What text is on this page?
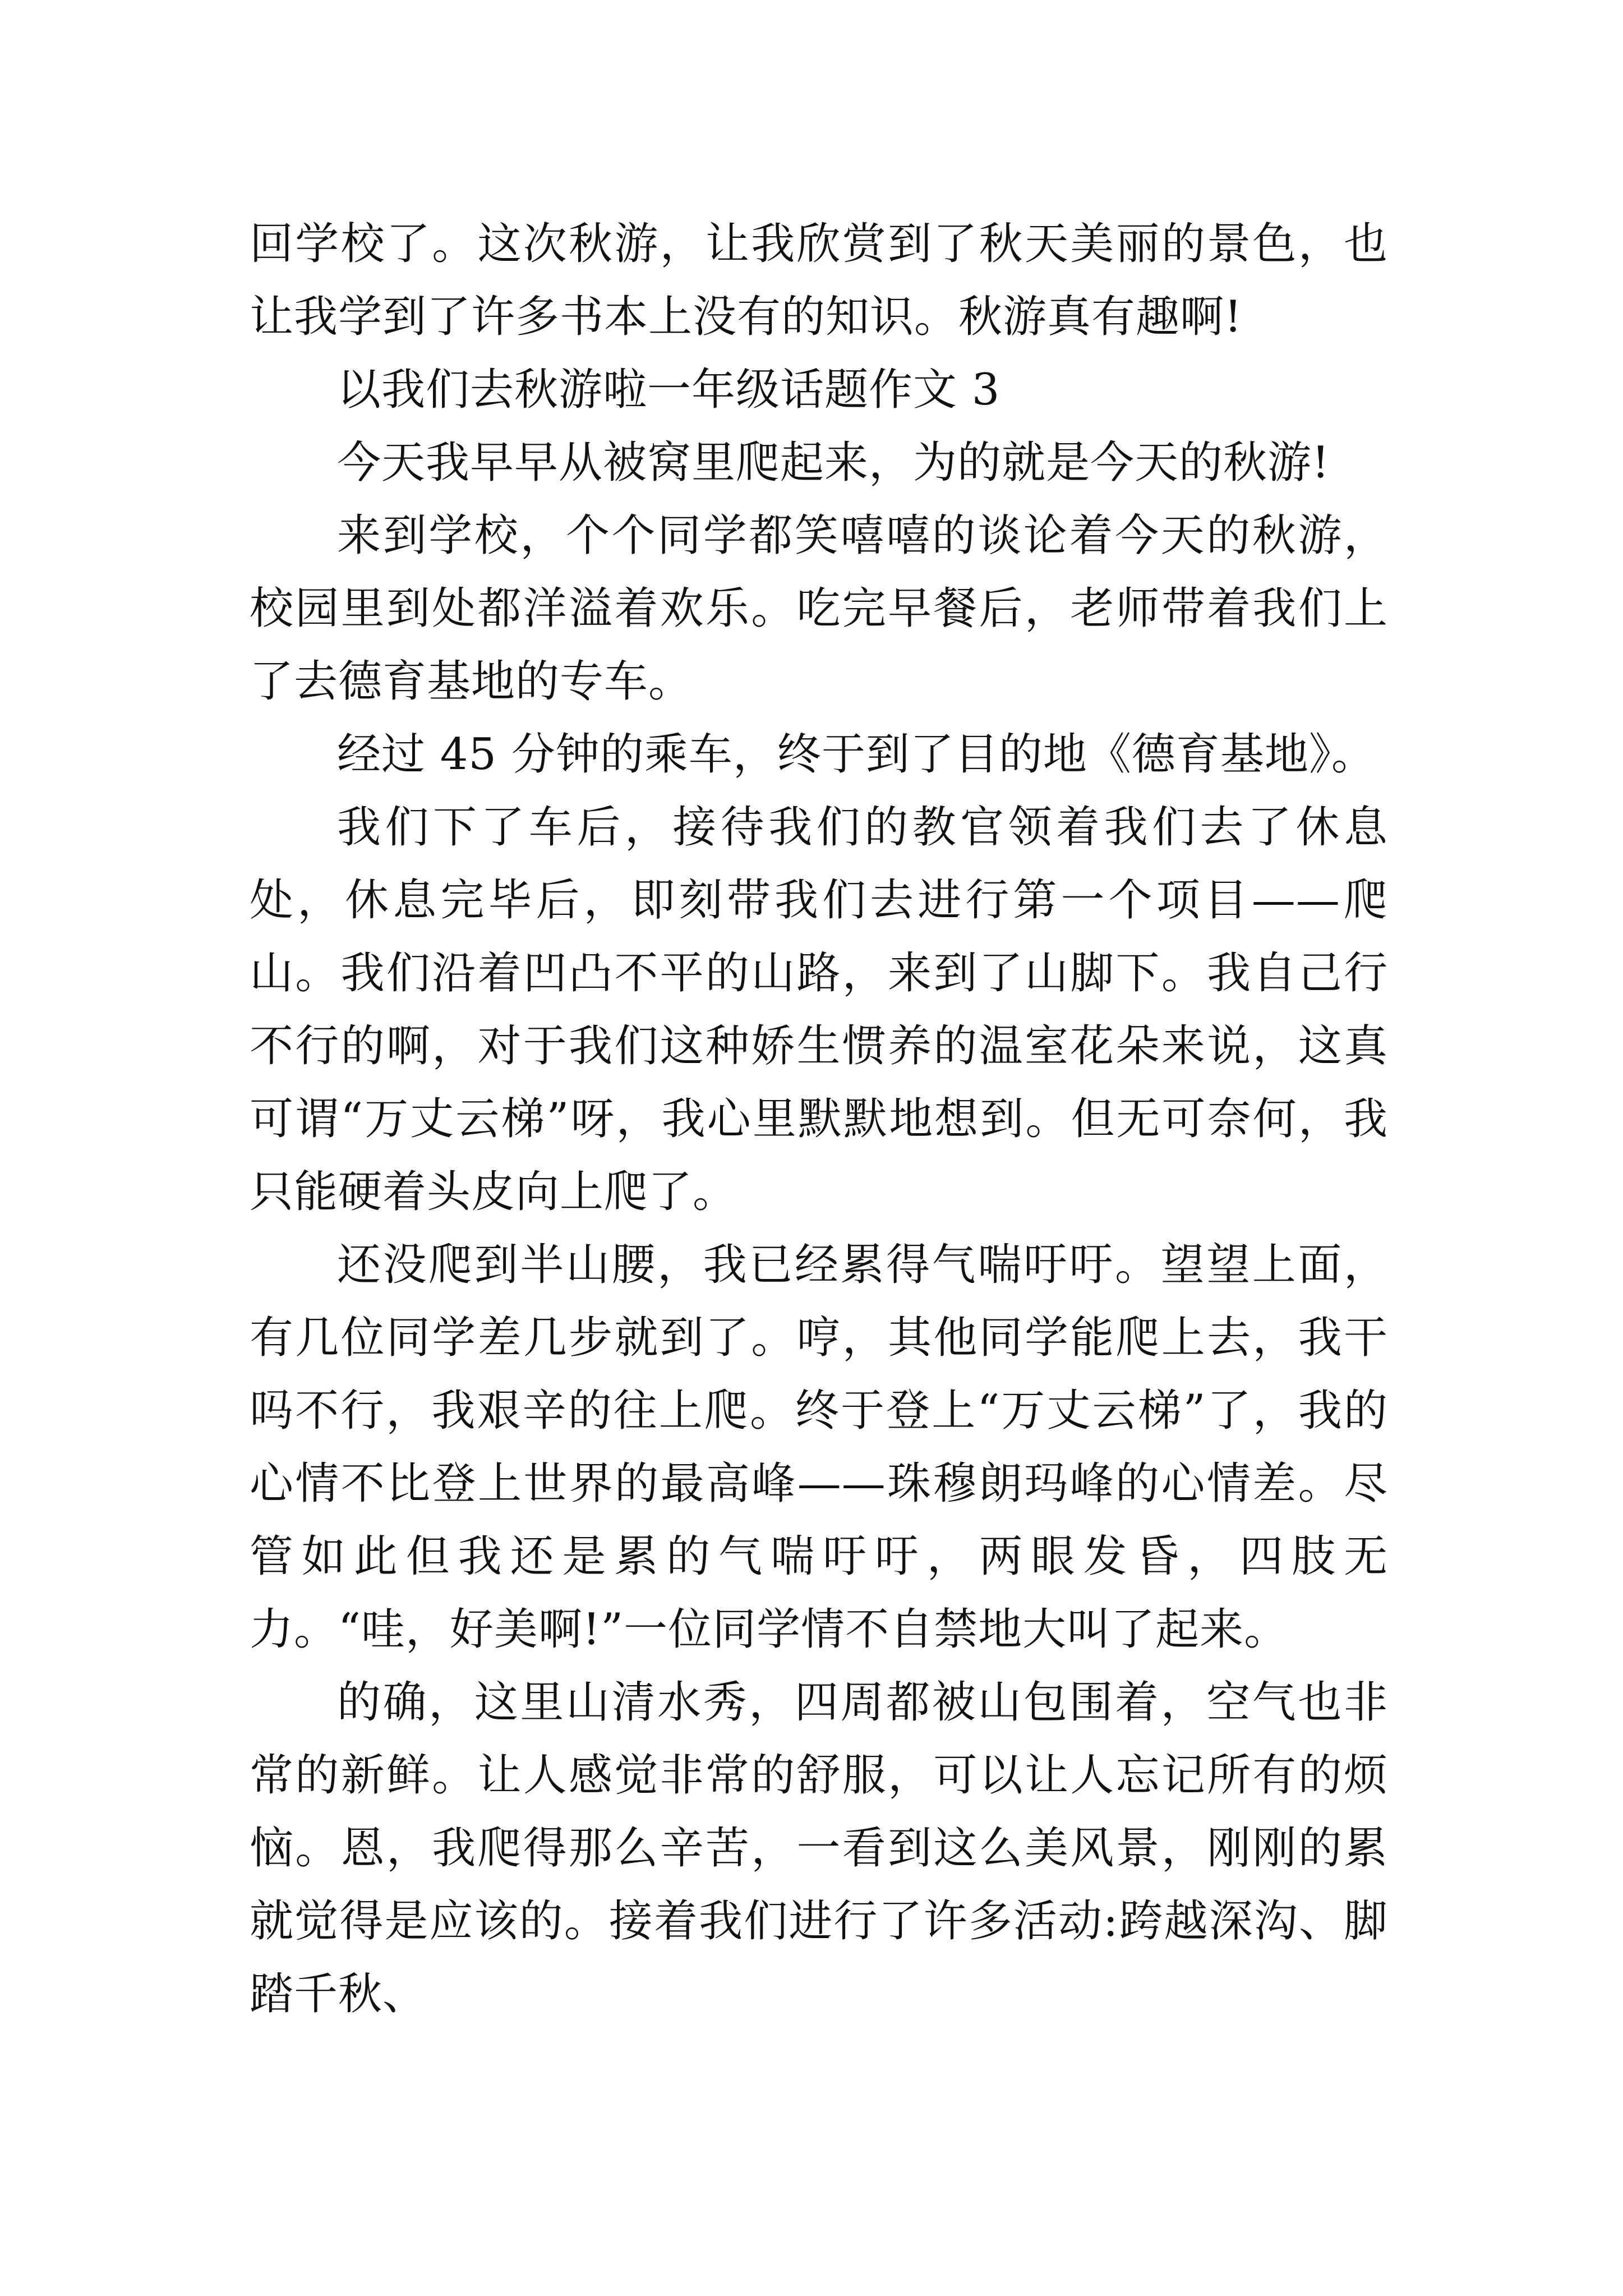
回学校了。这次秋游，让我欣赏到了秋天美丽的景色，也让我学到了许多书本上没有的知识。秋游真有趣啊!

以我们去秋游啦一年级话题作文 3

今天我早早从被窝里爬起来，为的就是今天的秋游!

来到学校，个个同学都笑嘻嘻的谈论着今天的秋游，校园里到处都洋溢着欢乐。吃完早餐后，老师带着我们上了去德育基地的专车。

经过 45 分钟的乘车，终于到了目的地《德育基地》。

我们下了车后，接待我们的教官领着我们去了休息处，休息完毕后，即刻带我们去进行第一个项目——爬山。我们沿着凹凸不平的山路，来到了山脚下。我自己行不行的啊，对于我们这种娇生惯养的温室花朵来说，这真可谓“万丈云梯”呀，我心里默默地想到。但无可奈何，我只能硬着头皮向上爬了。

还没爬到半山腰，我已经累得气喘吁吁。望望上面，有几位同学差几步就到了。哼，其他同学能爬上去，我干吗不行，我艰辛的往上爬。终于登上“万丈云梯”了，我的心情不比登上世界的最高峰——珠穆朗玛峰的心情差。尽管如此但我还是累的气喘吁吁，两眼发昏，四肢无力。“哇，好美啊!”一位同学情不自禁地大叫了起来。

的确，这里山清水秀，四周都被山包围着，空气也非常的新鲜。让人感觉非常的舒服，可以让人忘记所有的烦恼。恩，我爬得那么辛苦，一看到这么美风景，刚刚的累就觉得是应该的。接着我们进行了许多活动:跨越深沟、脚踏千秋、
